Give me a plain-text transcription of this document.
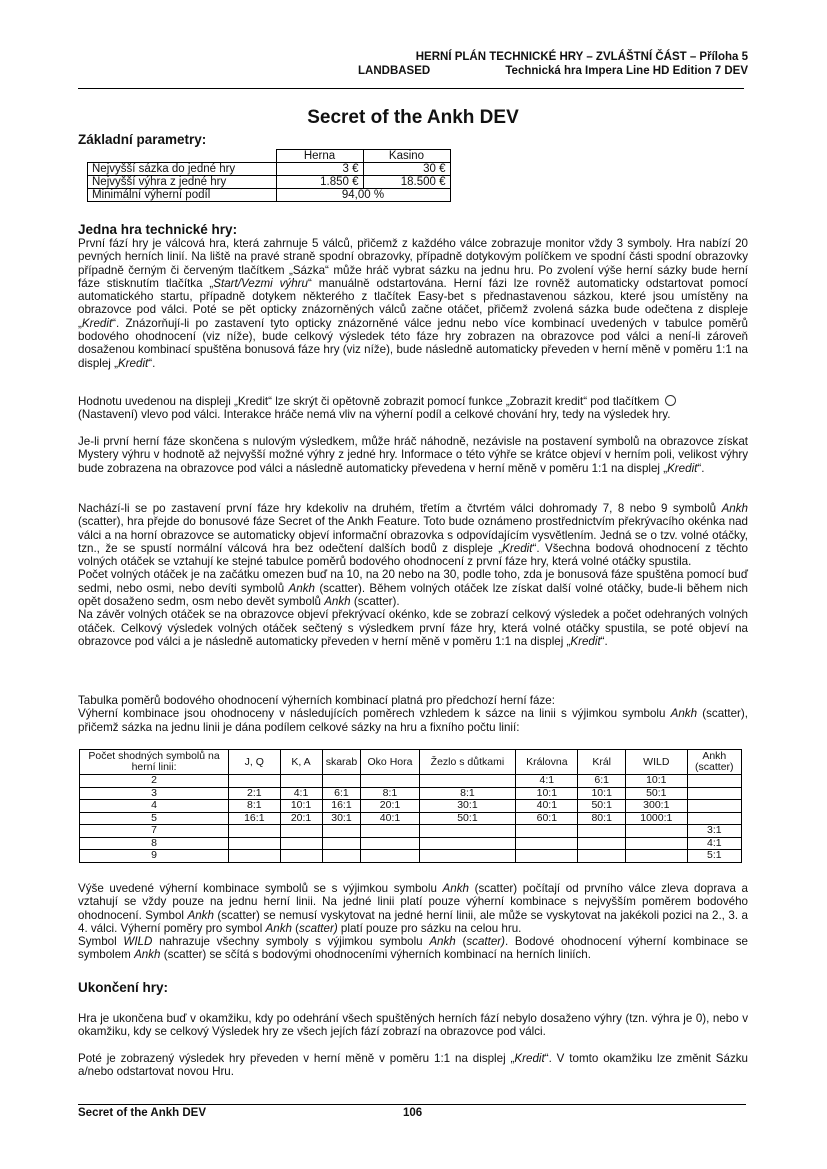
HERNÍ PLÁN TECHNICKÉ HRY – ZVLÁŠTNÍ ČÁST – Příloha 5
LANDBASED	Technická hra Impera Line HD Edition 7 DEV
Secret of the Ankh DEV
Základní parametry:
	Herna	Kasino
Nejvyšší sázka do jedné hry	3 €	30 €
Nejvyšší výhra z jedné hry	1.850 €	18.500 €
Minimální výherní podíl	94,00 %	
Jedna hra technické hry:
První fází hry je válcová hra, která zahrnuje 5 válců, přičemž z každého válce zobrazuje monitor vždy 3 symboly. Hra nabízí 20 pevných herních linií. Na liště na pravé straně spodní obrazovky, případně dotykovým políčkem ve spodní části spodní obrazovky případně černým či červeným tlačítkem „Sázka“ může hráč vybrat sázku na jednu hru. Po zvolení výše herní sázky bude herní fáze stisknutím tlačítka „Start/Vezmi výhru“ manuálně odstartována. Herní fázi lze rovněž automaticky odstartovat pomocí automatického startu, případně dotykem některého z tlačítek Easy-bet s přednastavenou sázkou, které jsou umístěny na obrazovce pod válci. Poté se pět opticky znázorněných válců začne otáčet, přičemž zvolená sázka bude odečtena z displeje „Kredit“. Znázorňují-li po zastavení tyto opticky znázorněné válce jednu nebo více kombinací uvedených v tabulce poměrů bodového ohodnocení (viz níže), bude celkový výsledek této fáze hry zobrazen na obrazovce pod válci a není-li zároveň dosaženou kombinací spuštěna bonusová fáze hry (viz níže), bude následně automaticky převeden v herní měně v poměru 1:1 na displej „Kredit“.
Hodnotu uvedenou na displeji „Kredit“ lze skrýt či opětovně zobrazit pomocí funkce „Zobrazit kredit“ pod tlačítkem
(Nastavení) vlevo pod válci. Interakce hráče nemá vliv na výherní podíl a celkové chování hry, tedy na výsledek hry.
Je-li první herní fáze skončena s nulovým výsledkem, může hráč náhodně, nezávisle na postavení symbolů na obrazovce získat Mystery výhru v hodnotě až nejvyšší možné výhry z jedné hry. Informace o této výhře se krátce objeví v herním poli, velikost výhry bude zobrazena na obrazovce pod válci a následně automaticky převedena v herní měně v poměru 1:1 na displej „Kredit“.
Nachází-li se po zastavení první fáze hry kdekoliv na druhém, třetím a čtvrtém válci dohromady 7, 8 nebo 9 symbolů Ankh (scatter), hra přejde do bonusové fáze Secret of the Ankh Feature. Toto bude oznámeno prostřednictvím překrývacího okénka nad válci a na horní obrazovce se automaticky objeví informační obrazovka s odpovídajícím vysvětlením. Jedná se o tzv. volné otáčky, tzn., že se spustí normální válcová hra bez odečtení dalších bodů z displeje „Kredit“. Všechna bodová ohodnocení z těchto volných otáček se vztahují ke stejné tabulce poměrů bodového ohodnocení z první fáze hry, která volné otáčky spustila.
Počet volných otáček je na začátku omezen buď na 10, na 20 nebo na 30, podle toho, zda je bonusová fáze spuštěna pomocí buď sedmi, nebo osmi, nebo devíti symbolů Ankh (scatter). Během volných otáček lze získat další volné otáčky, bude-li během nich opět dosaženo sedm, osm nebo devět symbolů Ankh (scatter).
Na závěr volných otáček se na obrazovce objeví překrývací okénko, kde se zobrazí celkový výsledek a počet odehraných volných otáček. Celkový výsledek volných otáček sečtený s výsledkem první fáze hry, která volné otáčky spustila, se poté objeví na obrazovce pod válci a je následně automaticky převeden v herní měně v poměru 1:1 na displej „Kredit“.
Tabulka poměrů bodového ohodnocení výherních kombinací platná pro předchozí herní fáze:
Výherní kombinace jsou ohodnoceny v následujících poměrech vzhledem k sázce na linii s výjimkou symbolu Ankh (scatter), přičemž sázka na jednu linii je dána podílem celkové sázky na hru a fixního počtu linií:
Počet shodných symbolů na herní linii:	J, Q	K, A	skarab	Oko Hora	Žezlo s důtkami	Královna	Král	WILD	Ankh (scatter)
2						4:1	6:1	10:1	
3	2:1	4:1	6:1	8:1	8:1	10:1	10:1	50:1	
4	8:1	10:1	16:1	20:1	30:1	40:1	50:1	300:1	
5	16:1	20:1	30:1	40:1	50:1	60:1	80:1	1000:1	
7									3:1
8									4:1
9									5:1
Výše uvedené výherní kombinace symbolů se s výjimkou symbolu Ankh (scatter) počítají od prvního válce zleva doprava a vztahují se vždy pouze na jednu herní linii. Na jedné linii platí pouze výherní kombinace s nejvyšším poměrem bodového ohodnocení. Symbol Ankh (scatter) se nemusí vyskytovat na jedné herní linii, ale může se vyskytovat na jakékoli pozici na 2., 3. a 4. válci. Výherní poměry pro symbol Ankh (scatter) platí pouze pro sázku na celou hru.
Symbol WILD nahrazuje všechny symboly s výjimkou symbolu Ankh (scatter). Bodové ohodnocení výherní kombinace se symbolem Ankh (scatter) se sčítá s bodovými ohodnoceními výherních kombinací na herních liniích.
Ukončení hry:
Hra je ukončena buď v okamžiku, kdy po odehrání všech spuštěných herních fází nebylo dosaženo výhry (tzn. výhra je 0), nebo v okamžiku, kdy se celkový Výsledek hry ze všech jejích fází zobrazí na obrazovce pod válci.
Poté je zobrazený výsledek hry převeden v herní měně v poměru 1:1 na displej „Kredit“. V tomto okamžiku lze změnit Sázku a/nebo odstartovat novou Hru.
Secret of the Ankh DEV	106
